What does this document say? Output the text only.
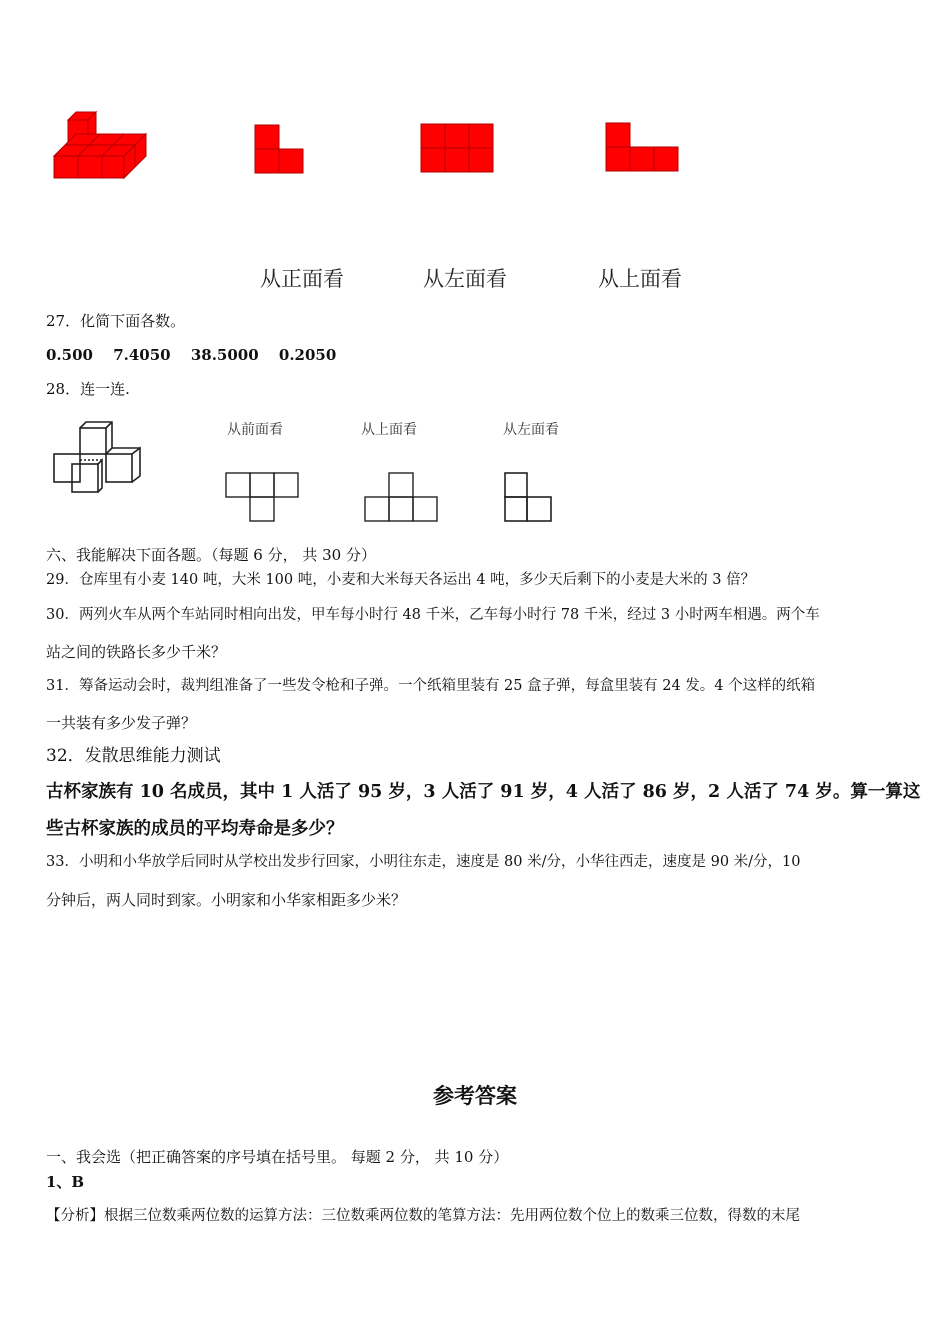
从正面看	从左面看	从上面看
27．化简下面各数。
0.500　 7.4050　 38.5000　 0.2050
28．连一连.
从前面看	从上面看	从左面看
六、我能解决下面各题。（每题 6 分， 共 30 分）
29．仓库里有小麦 140 吨，大米 100 吨，小麦和大米每天各运出 4 吨，多少天后剩下的小麦是大米的 3 倍？
30．两列火车从两个车站同时相向出发，甲车每小时行 48 千米，乙车每小时行 78 千米，经过 3 小时两车相遇。两个车
站之间的铁路长多少千米？
31．筹备运动会时，裁判组准备了一些发令枪和子弹。一个纸箱里装有 25 盒子弹，每盒里装有 24 发。4 个这样的纸箱
一共装有多少发子弹？
32．发散思维能力测试
古杯家族有 10 名成员，其中 1 人活了 95 岁，3 人活了 91 岁，4 人活了 86 岁，2 人活了 74 岁。算一算这
些古杯家族的成员的平均寿命是多少？
33．小明和小华放学后同时从学校出发步行回家，小明往东走，速度是 80 米/分，小华往西走，速度是 90 米/分，10
分钟后，两人同时到家。小明家和小华家相距多少米？
参考答案
一、我会选（把正确答案的序号填在括号里。 每题 2 分， 共 10 分）
1、B
【分析】根据三位数乘两位数的运算方法：三位数乘两位数的笔算方法：先用两位数个位上的数乘三位数，得数的末尾
